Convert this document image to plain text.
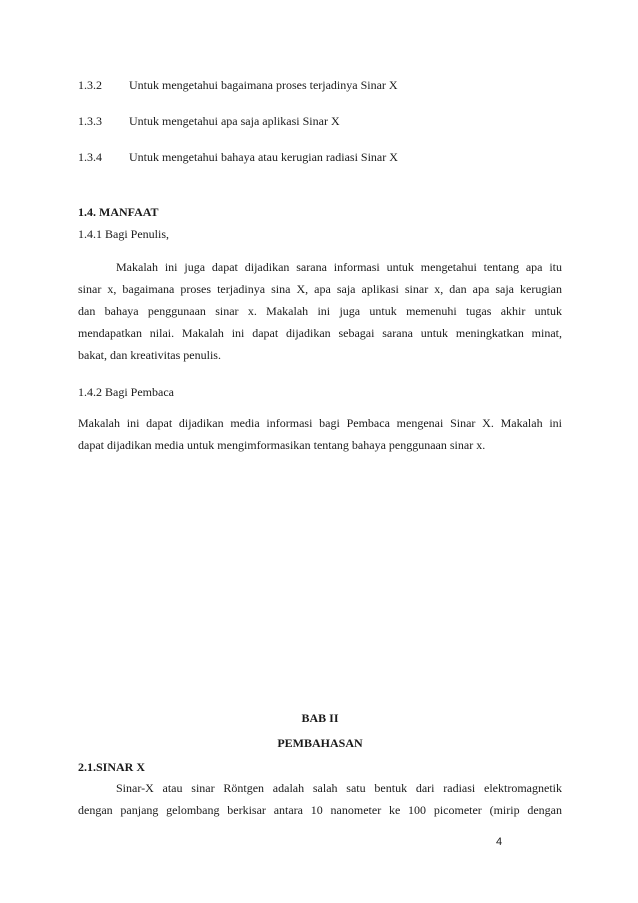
1.3.2 Untuk mengetahui bagaimana proses terjadinya Sinar X
1.3.3 Untuk mengetahui apa saja aplikasi Sinar X
1.3.4 Untuk mengetahui bahaya atau kerugian radiasi Sinar X
1.4. MANFAAT
1.4.1 Bagi Penulis,
Makalah ini juga dapat dijadikan sarana informasi untuk mengetahui tentang apa itu
sinar x, bagaimana proses terjadinya sina X, apa saja aplikasi sinar x, dan apa saja kerugian
dan bahaya penggunaan sinar x. Makalah ini juga untuk memenuhi tugas akhir untuk
mendapatkan nilai. Makalah ini dapat dijadikan sebagai sarana untuk meningkatkan minat,
bakat, dan kreativitas penulis.
1.4.2 Bagi Pembaca
Makalah ini dapat dijadikan media informasi bagi Pembaca mengenai Sinar X. Makalah ini
dapat dijadikan media untuk mengimformasikan tentang bahaya penggunaan sinar x.
BAB II
PEMBAHASAN
2.1.SINAR X
Sinar-X atau sinar Röntgen adalah salah satu bentuk dari radiasi elektromagnetik
dengan panjang gelombang berkisar antara 10 nanometer ke 100 picometer (mirip dengan
4
